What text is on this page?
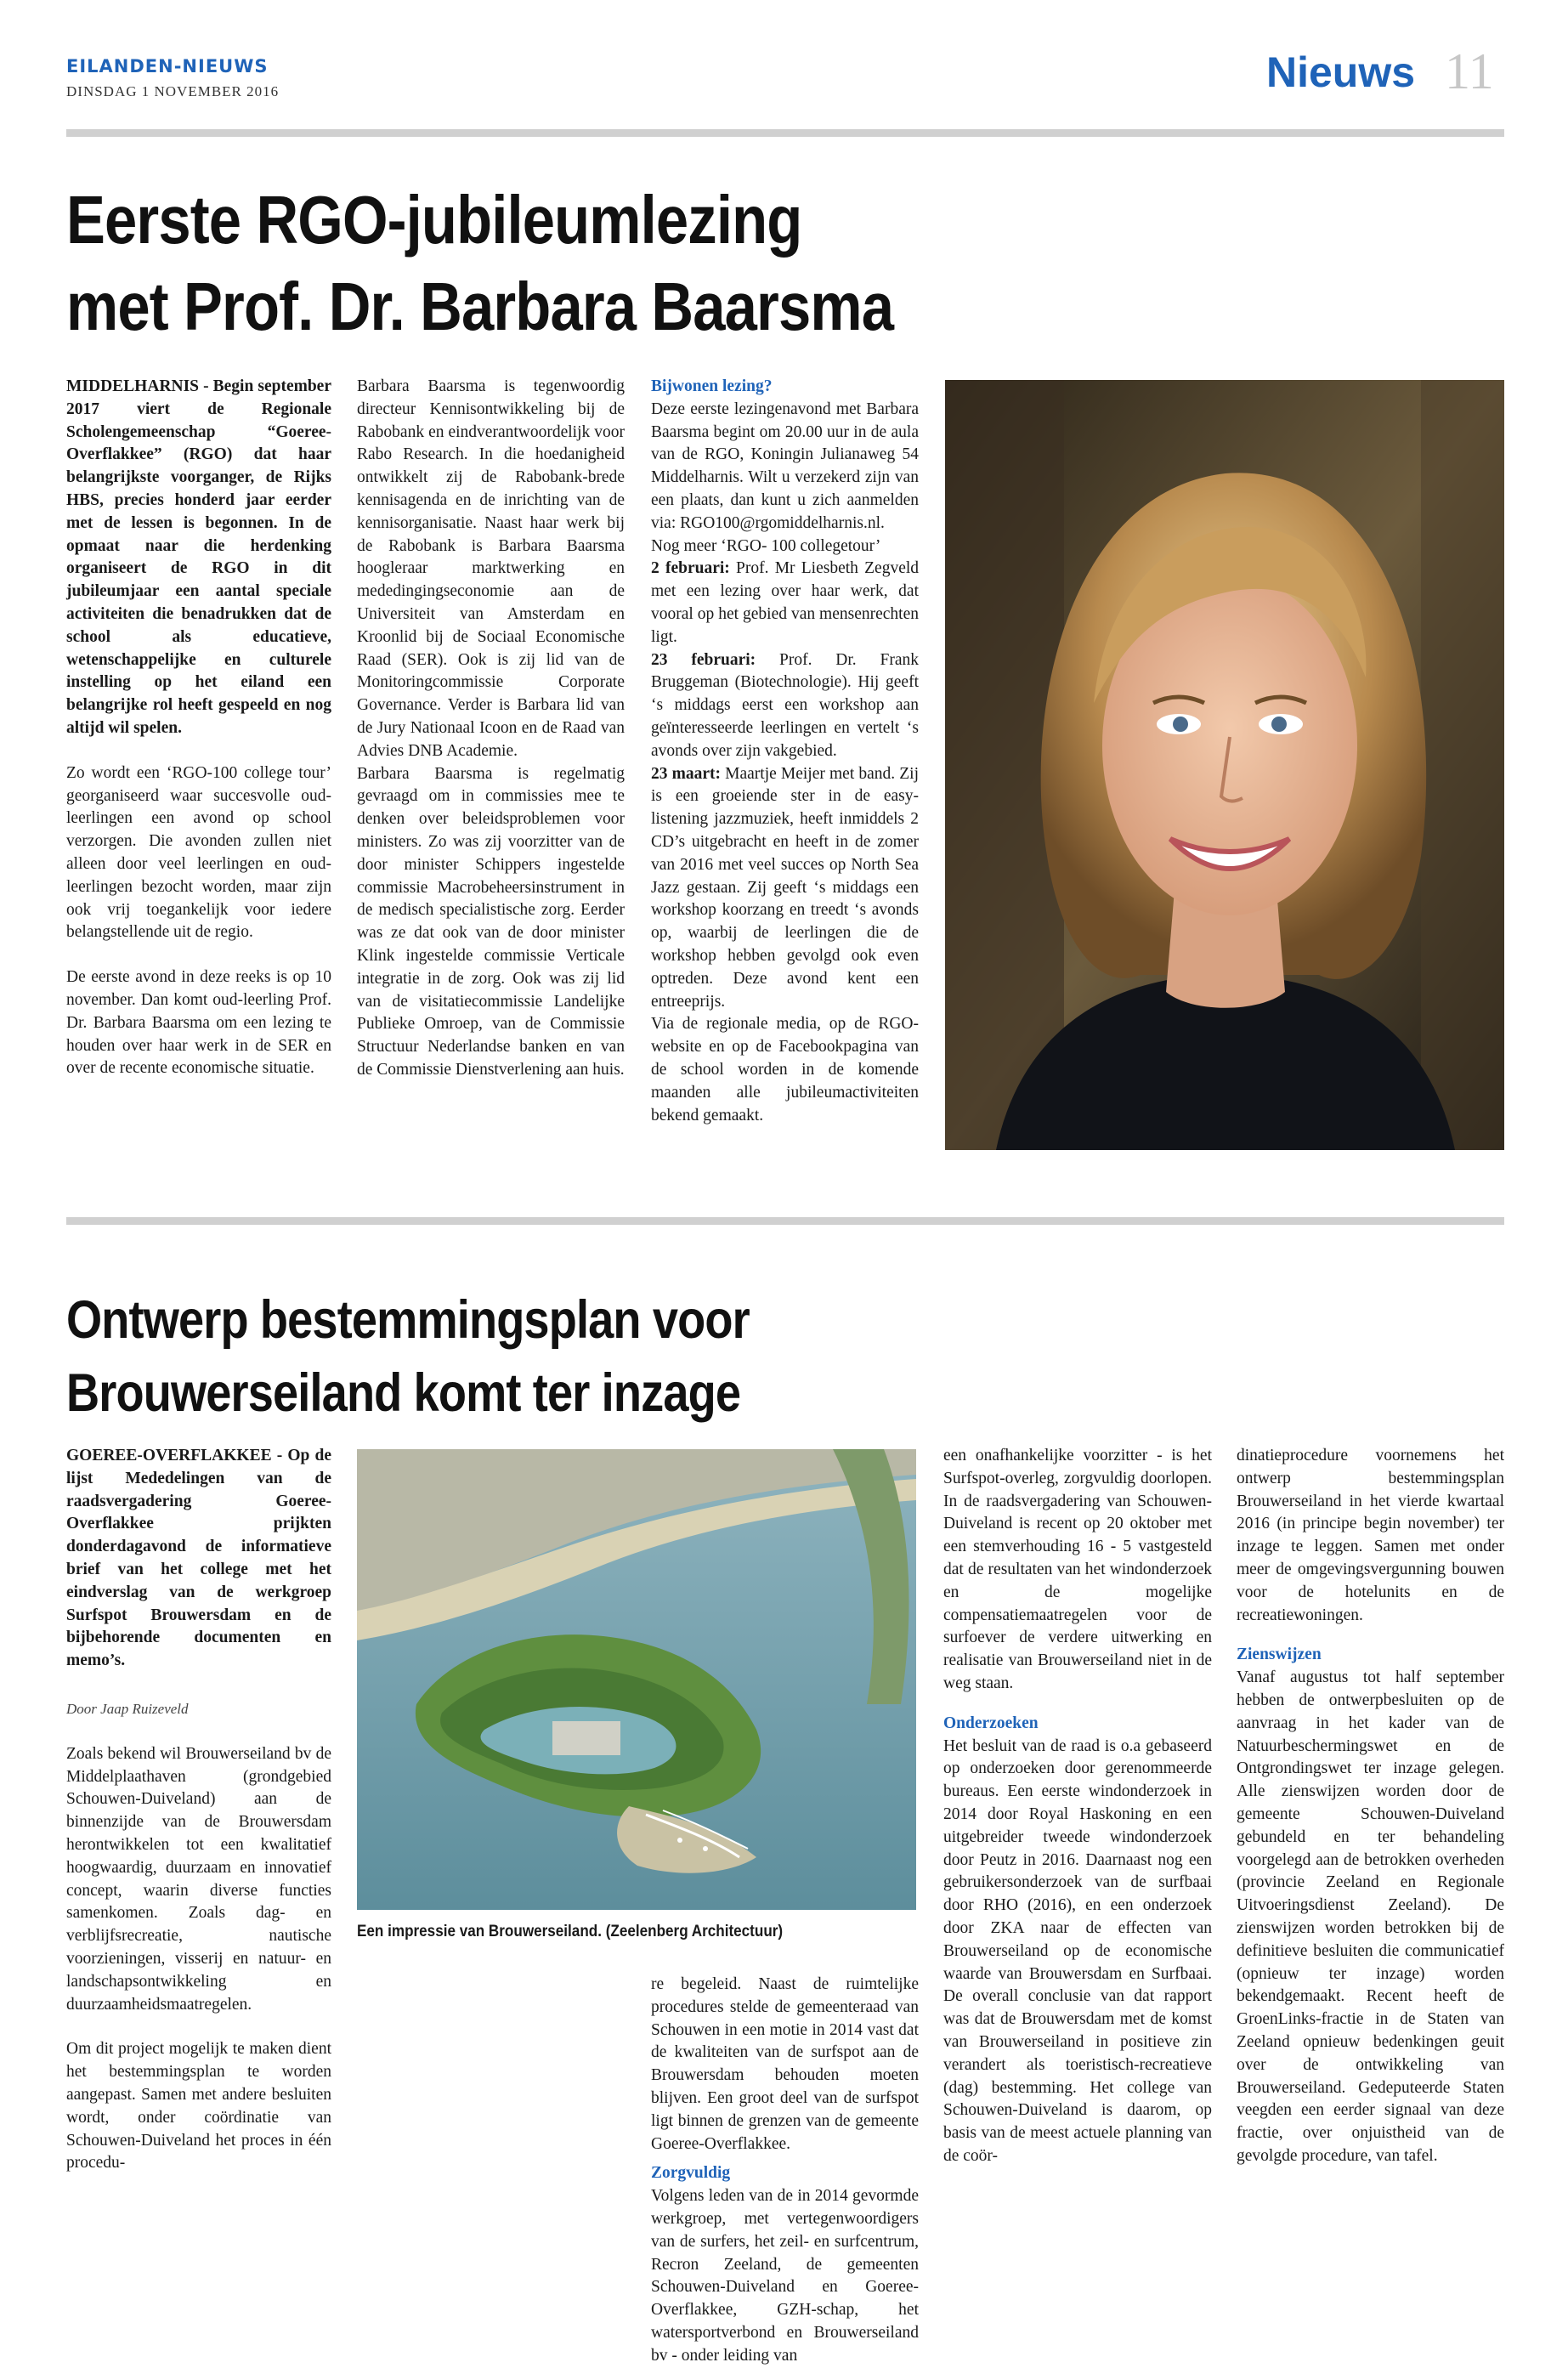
EILANDEN-NIEUWS
DINSDAG 1 NOVEMBER 2016	Nieuws 11
Eerste RGO-jubileumlezing
met Prof. Dr. Barbara Baarsma

MIDDELHARNIS - Begin september 2017 viert de Regionale Scholengemeenschap “Goeree-Overflakkee” (RGO) dat haar belangrijkste voorganger, de Rijks HBS, precies honderd jaar eerder met de lessen is begonnen. In de opmaat naar die herdenking organiseert de RGO in dit jubileumjaar een aantal speciale activiteiten die benadrukken dat de school als educatieve, wetenschappelijke en culturele instelling op het eiland een belangrijke rol heeft gespeeld en nog altijd wil spelen.

Zo wordt een ‘RGO-100 college tour’ georganiseerd waar succesvolle oud-leerlingen een avond op school verzorgen. Die avonden zullen niet alleen door veel leerlingen en oud-leerlingen bezocht worden, maar zijn ook vrij toegankelijk voor iedere belangstellende uit de regio.

De eerste avond in deze reeks is op 10 november. Dan komt oud-leerling Prof. Dr. Barbara Baarsma om een lezing te houden over haar werk in de SER en over de recente economische situatie.

Barbara Baarsma is tegenwoordig directeur Kennisontwikkeling bij de Rabobank en eindverantwoordelijk voor Rabo Research. In die hoedanigheid ontwikkelt zij de Rabobank-brede kennisagenda en de inrichting van de kennisorganisatie. Naast haar werk bij de Rabobank is Barbara Baarsma hoogleraar marktwerking en mededingingseconomie aan de Universiteit van Amsterdam en Kroonlid bij de Sociaal Economische Raad (SER). Ook is zij lid van de Monitoringcommissie Corporate Governance. Verder is Barbara lid van de Jury Nationaal Icoon en de Raad van Advies DNB Academie.

Barbara Baarsma is regelmatig gevraagd om in commissies mee te denken over beleidsproblemen voor ministers. Zo was zij voorzitter van de door minister Schippers ingestelde commissie Macrobeheersinstrument in de medisch specialistische zorg. Eerder was ze dat ook van de door minister Klink ingestelde commissie Verticale integratie in de zorg. Ook was zij lid van de visitatiecommissie Landelijke Publieke Omroep, van de Commissie Structuur Nederlandse banken en van de Commissie Dienstverlening aan huis.

Bijwonen lezing?

Deze eerste lezingenavond met Barbara Baarsma begint om 20.00 uur in de aula van de RGO, Koningin Julianaweg 54 Middelharnis. Wilt u verzekerd zijn van een plaats, dan kunt u zich aanmelden via: RGO100@rgomiddelharnis.nl.

Nog meer ‘RGO- 100 collegetour’

2 februari: Prof. Mr Liesbeth Zegveld met een lezing over haar werk, dat vooral op het gebied van mensenrechten ligt.

23 februari: Prof. Dr. Frank Bruggeman (Biotechnologie). Hij geeft ‘s middags eerst een workshop aan geïnteresseerde leerlingen en vertelt ‘s avonds over zijn vakgebied.

23 maart: Maartje Meijer met band. Zij is een groeiende ster in de easy-listening jazzmuziek, heeft inmiddels 2 CD’s uitgebracht en heeft in de zomer van 2016 met veel succes op North Sea Jazz gestaan. Zij geeft ‘s middags een workshop koorzang en treedt ‘s avonds op, waarbij de leerlingen die de workshop hebben gevolgd ook even optreden. Deze avond kent een entreeprijs.

Via de regionale media, op de RGO-website en op de Facebookpagina van de school worden in de komende maanden alle jubileumactiviteiten bekend gemaakt.

Ontwerp bestemmingsplan voor
Brouwerseiland komt ter inzage

GOEREE-OVERFLAKKEE - Op de lijst Mededelingen van de raadsvergadering Goeree-Overflakkee prijkten donderdagavond de informatieve brief van het college met het eindverslag van de werkgroep Surfspot Brouwersdam en de bijbehorende documenten en memo’s.

Door Jaap Ruizeveld

Zoals bekend wil Brouwerseiland bv de Middelplaathaven (grondgebied Schouwen-Duiveland) aan de binnenzijde van de Brouwersdam herontwikkelen tot een kwalitatief hoogwaardig, duurzaam en innovatief concept, waarin diverse functies samenkomen. Zoals dag- en verblijfsrecreatie, nautische voorzieningen, visserij en natuur- en landschapsontwikkeling en duurzaamheidsmaatregelen.

Om dit project mogelijk te maken dient het bestemmingsplan te worden aangepast. Samen met andere besluiten wordt, onder coördinatie van Schouwen-Duiveland het proces in één procedu-

Een impressie van Brouwerseiland. (Zeelenberg Architectuur)

re begeleid. Naast de ruimtelijke procedures stelde de gemeenteraad van Schouwen in een motie in 2014 vast dat de kwaliteiten van de surfspot aan de Brouwersdam behouden moeten blijven. Een groot deel van de surfspot ligt binnen de grenzen van de gemeente Goeree-Overflakkee.

Zorgvuldig

Volgens leden van de in 2014 gevormde werkgroep, met vertegenwoordigers van de surfers, het zeil- en surfcentrum, Recron Zeeland, de gemeenten Schouwen-Duiveland en Goeree-Overflakkee, GZH-schap, het watersportverbond en Brouwerseiland bv - onder leiding van

een onafhankelijke voorzitter - is het Surfspot-overleg, zorgvuldig doorlopen. In de raadsvergadering van Schouwen-Duiveland is recent op 20 oktober met een stemverhouding 16 - 5 vastgesteld dat de resultaten van het windonderzoek en de mogelijke compensatiemaatregelen voor de surfoever de verdere uitwerking en realisatie van Brouwerseiland niet in de weg staan.

Onderzoeken

Het besluit van de raad is o.a gebaseerd op onderzoeken door gerenommeerde bureaus. Een eerste windonderzoek in 2014 door Royal Haskoning en een uitgebreider tweede windonderzoek door Peutz in 2016. Daarnaast nog een gebruikersonderzoek van de surfbaai door RHO (2016), en een onderzoek door ZKA naar de effecten van Brouwerseiland op de economische waarde van Brouwersdam en Surfbaai. De overall conclusie van dat rapport was dat de Brouwersdam met de komst van Brouwerseiland in positieve zin verandert als toeristisch-recreatieve (dag) bestemming. Het college van Schouwen-Duiveland is daarom, op basis van de meest actuele planning van de coör-

dinatieprocedure voornemens het ontwerp bestemmingsplan Brouwerseiland in het vierde kwartaal 2016 (in principe begin november) ter inzage te leggen. Samen met onder meer de omgevingsvergunning bouwen voor de hotelunits en de recreatiewoningen.

Zienswijzen

Vanaf augustus tot half september hebben de ontwerpbesluiten op de aanvraag in het kader van de Natuurbeschermingswet en de Ontgrondingswet ter inzage gelegen. Alle zienswijzen worden door de gemeente Schouwen-Duiveland gebundeld en ter behandeling voorgelegd aan de betrokken overheden (provincie Zeeland en Regionale Uitvoeringsdienst Zeeland). De zienswijzen worden betrokken bij de definitieve besluiten die communicatief (opnieuw ter inzage) worden bekendgemaakt. Recent heeft de GroenLinks-fractie in de Staten van Zeeland opnieuw bedenkingen geuit over de ontwikkeling van Brouwerseiland. Gedeputeerde Staten veegden een eerder signaal van deze fractie, over onjuistheid van de gevolgde procedure, van tafel.
